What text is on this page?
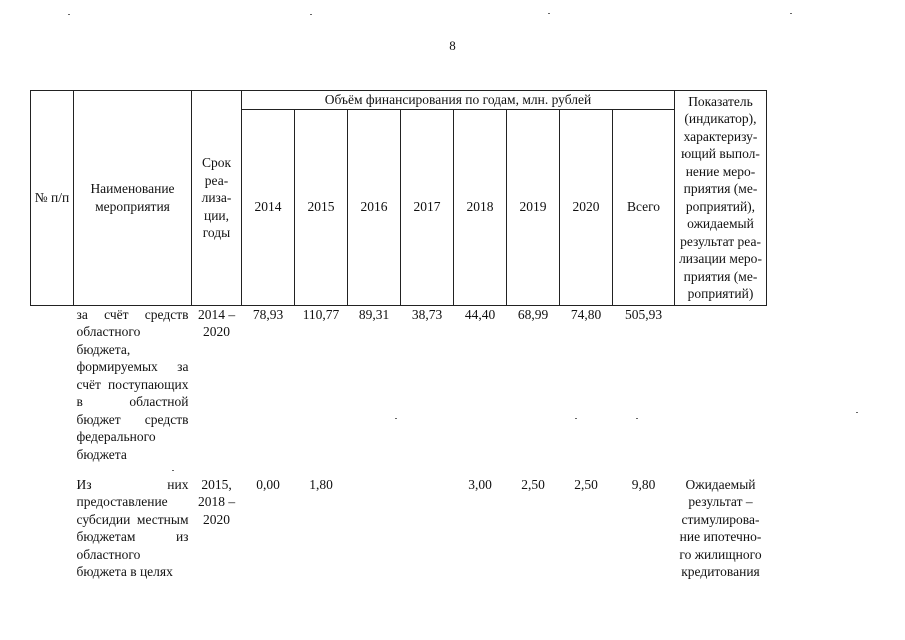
8
№ п/п	Наименование мероприятия	Срок реализации, годы	Объём финансирования по годам, млн. рублей								Показатель (индикатор), характеризующий выполнение мероприятия (мероприятий), ожидаемый результат реализации мероприятия (мероприятий)
			2014	2015	2016	2017	2018	2019	2020	Всего	
	за счёт средств областного бюджета, формируемых за счёт поступающих в областной бюджет средств федерального бюджета	2014 – 2020	78,93	110,77	89,31	38,73	44,40	68,99	74,80	505,93	
	Из них предоставление субсидии местным бюджетам из областного бюджета в целях	2015, 2018 – 2020	0,00	1,80			3,00	2,50	2,50	9,80	Ожидаемый результат – стимулирование ипотечного жилищного кредитования
